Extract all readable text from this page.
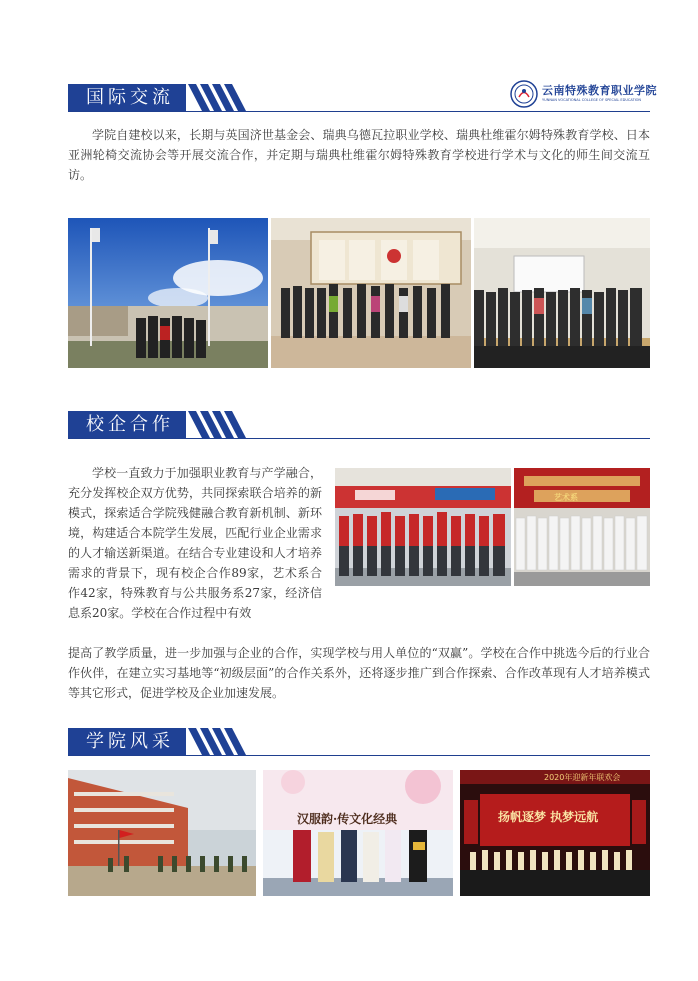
云南特殊教育职业学院
YUNNAN VOCATIONAL COLLEGE OF SPECIAL EDUCATION
国际交流

学院自建校以来，长期与英国济世基金会、瑞典乌德瓦拉职业学校、瑞典杜维霍尔姆特殊教育学校、日本亚洲轮椅交流协会等开展交流合作，并定期与瑞典杜维霍尔姆特殊教育学校进行学术与文化的师生间交流互访。

校企合作

学校一直致力于加强职业教育与产学融合，充分发挥校企双方优势，共同探索联合培养的新模式，探索适合学院残健融合教育新机制、新环境，构建适合本院学生发展，匹配行业企业需求的人才输送新渠道。在结合专业建设和人才培养需求的背景下，现有校企合作89家，艺术系合作42家，特殊教育与公共服务系27家，经济信息系20家。学校在合作过程中有效

提高了教学质量，进一步加强与企业的合作，实现学校与用人单位的“双赢”。学校在合作中挑选今后的行业合作伙伴，在建立实习基地等“初级层面”的合作关系外，还将逐步推广到合作探索、合作改革现有人才培养模式等其它形式，促进学校及企业加速发展。

艺术系
学院风采
汉服韵·传文化经典
2020年迎新年联欢会
扬帆逐梦 执梦远航
